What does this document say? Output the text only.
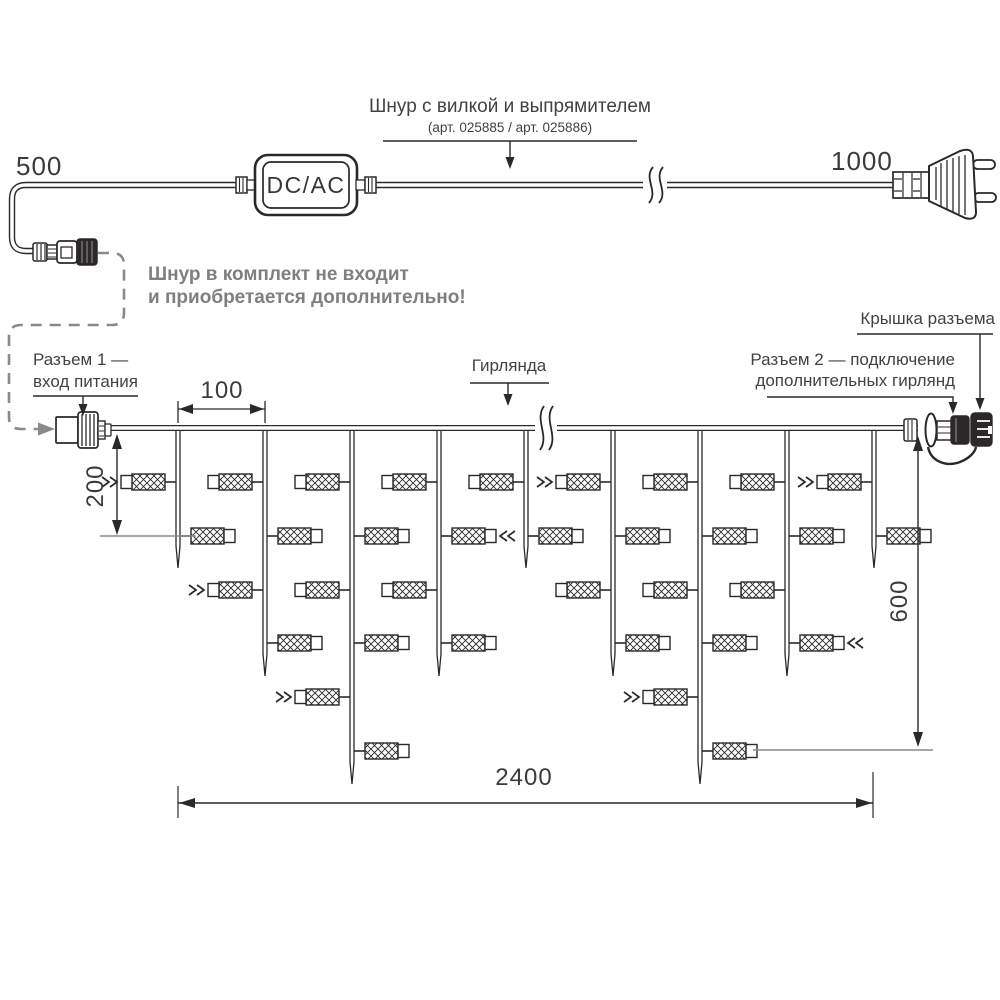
500	1000
DC/AC
Шнур с вилкой и выпрямителем
(арт. 025885 / арт. 025886)
Шнур в комплект не входит
и приобретается дополнительно!
Разъем 1 —
вход питания
Гирлянда
Крышка разъема
Разъем 2 — подключение
дополнительных гирлянд
100
200
600
2400
